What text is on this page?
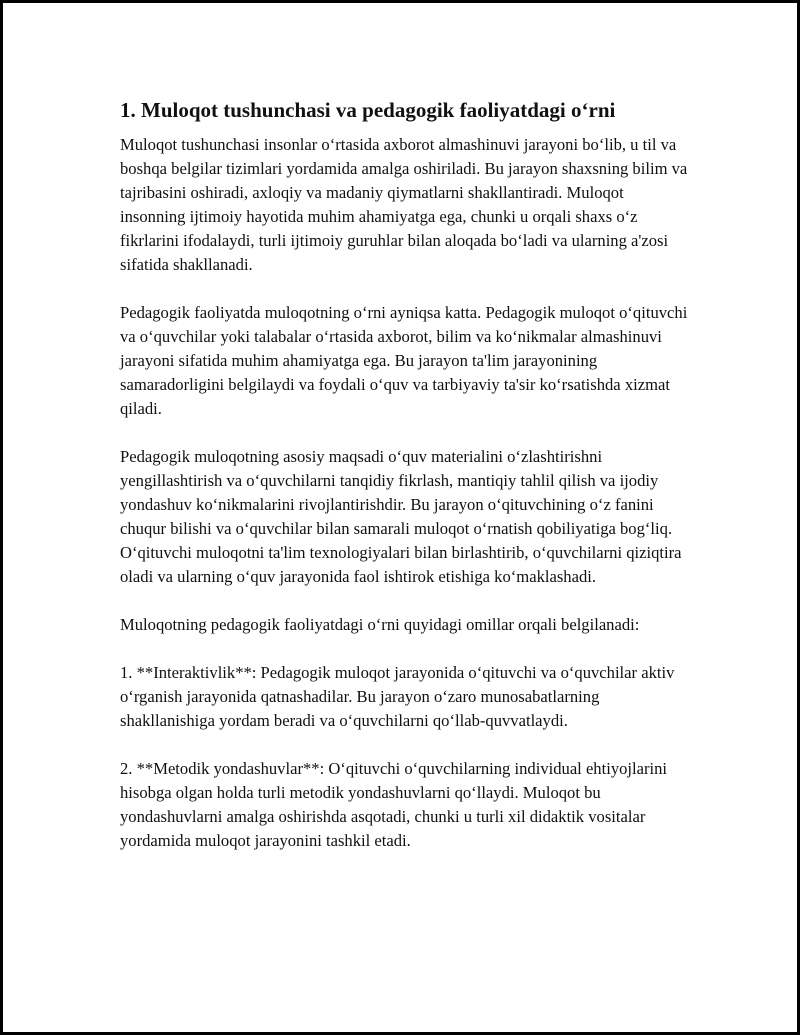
1. Muloqot tushunchasi va pedagogik faoliyatdagi o‘rni

Muloqot tushunchasi insonlar o‘rtasida axborot almashinuvi jarayoni bo‘lib, u til va boshqa belgilar tizimlari yordamida amalga oshiriladi. Bu jarayon shaxsning bilim va tajribasini oshiradi, axloqiy va madaniy qiymatlarni shakllantiradi. Muloqot insonning ijtimoiy hayotida muhim ahamiyatga ega, chunki u orqali shaxs o‘z fikrlarini ifodalaydi, turli ijtimoiy guruhlar bilan aloqada bo‘ladi va ularning a'zosi sifatida shakllanadi.

Pedagogik faoliyatda muloqotning o‘rni ayniqsa katta. Pedagogik muloqot o‘qituvchi va o‘quvchilar yoki talabalar o‘rtasida axborot, bilim va ko‘nikmalar almashinuvi jarayoni sifatida muhim ahamiyatga ega. Bu jarayon ta'lim jarayonining samaradorligini belgilaydi va foydali o‘quv va tarbiyaviy ta'sir ko‘rsatishda xizmat qiladi.

Pedagogik muloqotning asosiy maqsadi o‘quv materialini o‘zlashtirishni yengillashtirish va o‘quvchilarni tanqidiy fikrlash, mantiqiy tahlil qilish va ijodiy yondashuv ko‘nikmalarini rivojlantirishdir. Bu jarayon o‘qituvchining o‘z fanini chuqur bilishi va o‘quvchilar bilan samarali muloqot o‘rnatish qobiliyatiga bog‘liq. O‘qituvchi muloqotni ta'lim texnologiyalari bilan birlashtirib, o‘quvchilarni qiziqtira oladi va ularning o‘quv jarayonida faol ishtirok etishiga ko‘maklashadi.

Muloqotning pedagogik faoliyatdagi o‘rni quyidagi omillar orqali belgilanadi:

1. **Interaktivlik**: Pedagogik muloqot jarayonida o‘qituvchi va o‘quvchilar aktiv o‘rganish jarayonida qatnashadilar. Bu jarayon o‘zaro munosabatlarning shakllanishiga yordam beradi va o‘quvchilarni qo‘llab-quvvatlaydi.

2. **Metodik yondashuvlar**: O‘qituvchi o‘quvchilarning individual ehtiyojlarini hisobga olgan holda turli metodik yondashuvlarni qo‘llaydi. Muloqot bu yondashuvlarni amalga oshirishda asqotadi, chunki u turli xil didaktik vositalar yordamida muloqot jarayonini tashkil etadi.
